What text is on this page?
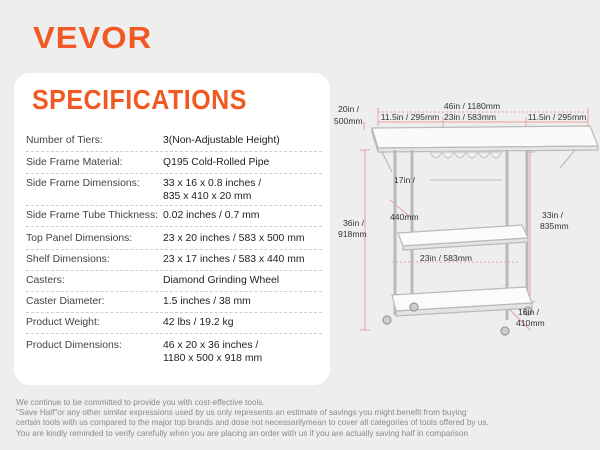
VEVOR
SPECIFICATIONS
Number of Tiers:	3(Non-Adjustable Height)
Side Frame Material:	Q195 Cold-Rolled Pipe
Side Frame Dimensions:	33 x 16 x 0.8 inches /
835 x 410 x 20 mm
Side Frame Tube Thickness: 0.02 inches / 0.7 mm
Top Panel Dimensions:	23 x 20 inches / 583 x 500 mm
Shelf Dimensions:	23 x 17 inches / 583 x 440 mm
Casters:	Diamond Grinding Wheel
Caster Diameter:	1.5 inches / 38 mm
Product Weight:	42 lbs / 19.2 kg
Product Dimensions:	46 x 20 x 36 inches /
1180 x 500 x 918 mm
46in / 1180mm
11.5in / 295mm 23in / 583mm	11.5in / 295mm
20in /
500mm
17in /
440mm
36in /
918mm
33in /
835mm
23in / 583mm
16in /
410mm
We continue to be committed to provide you with cost-effective tools.
"Save Half"or any other similar expressions used by us only represents an estimate of savings you might benefit from buying
certain tools with us compared to the major top brands and dose not necessarilymean to cover all categories of tools offered by us.
You are kindly reminded to verify carefully when you are placing an order with us if you are actually saving half in comparison
